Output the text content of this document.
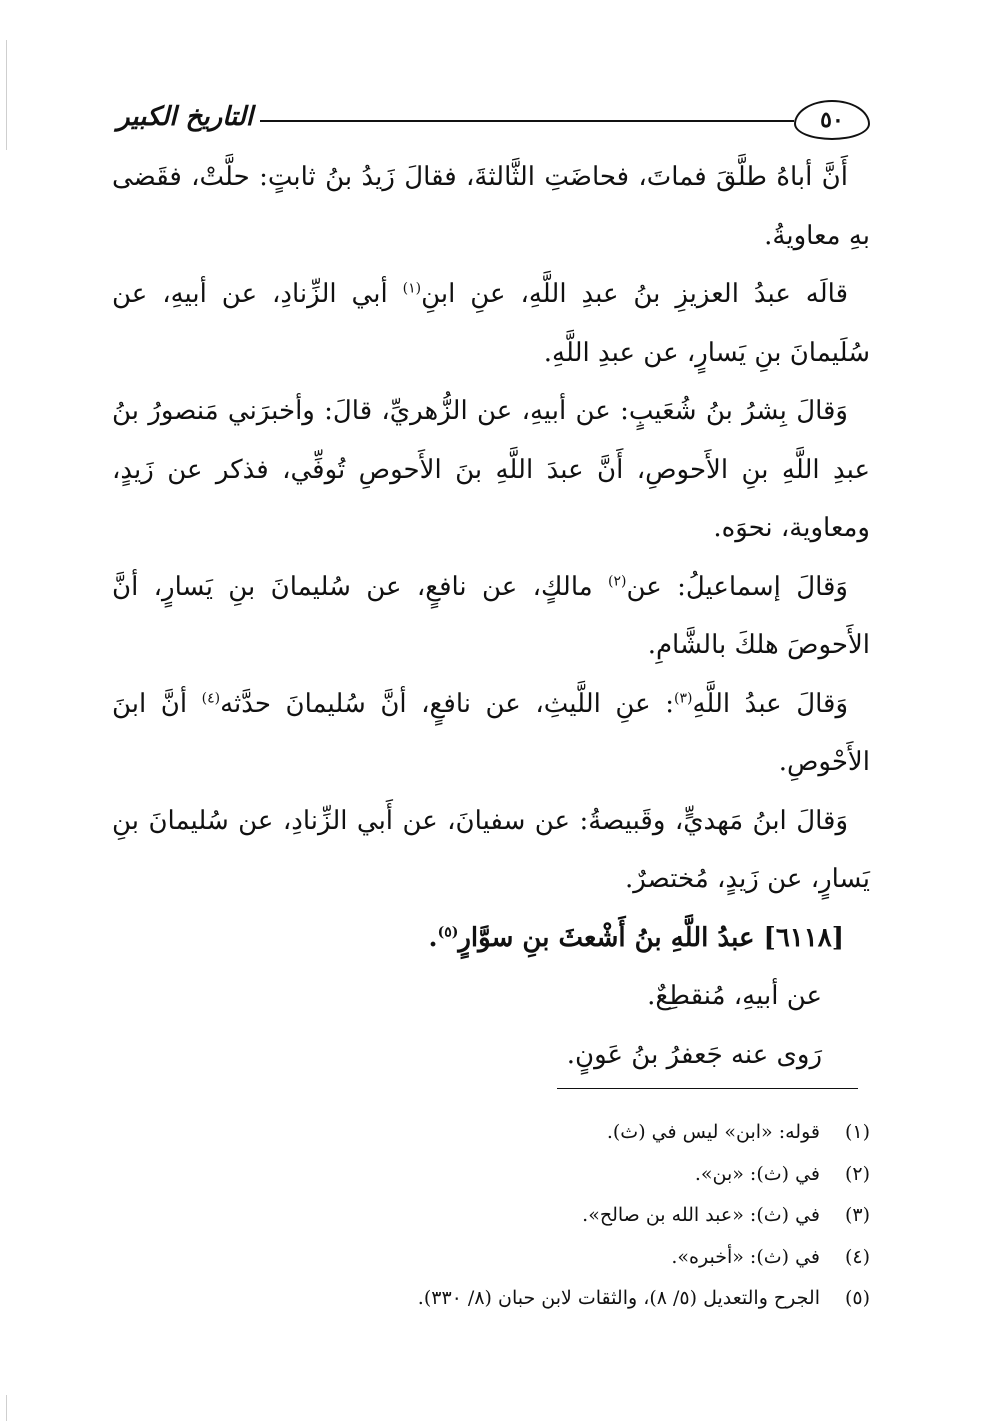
٥٠
التاريخ الكبير

أَنَّ أباهُ طلَّقَ فماتَ، فحاضَتِ الثَّالثةَ، فقالَ زَيدُ بنُ ثابتٍ: حلَّتْ، فقَضى بهِ معاويةُ.

قالَه عبدُ العزيزِ بنُ عبدِ اللَّهِ، عنِ ابنِ$^{(١)}$ أبي الزِّنادِ، عن أبيهِ، عن سُلَيمانَ بنِ يَسارٍ، عن عبدِ اللَّهِ.

وَقالَ بِشرُ بنُ شُعَيبٍ: عن أبيهِ، عن الزُّهريِّ، قالَ: وأخبرَني مَنصورُ بنُ عبدِ اللَّهِ بنِ الأَحوصِ، أَنَّ عبدَ اللَّهِ بنَ الأَحوصِ تُوفِّي، فذكر عن زَيدٍ، ومعاوية، نحوَه.

وَقالَ إسماعيلُ: عن$^{(٢)}$ مالكٍ، عن نافعٍ، عن سُليمانَ بنِ يَسارٍ، أنَّ الأَحوصَ هلكَ بالشَّامِ.

وَقالَ عبدُ اللَّهِ$^{(٣)}$: عنِ اللَّيثِ، عن نافعٍ، أنَّ سُليمانَ حدَّثه$^{(٤)}$ أنَّ ابنَ الأَحْوصِ.

وَقالَ ابنُ مَهديٍّ، وقَبيصةُ: عن سفيانَ، عن أَبي الزِّنادِ، عن سُليمانَ بنِ يَسارٍ، عن زَيدٍ، مُختصرٌ.

[٦١١٨] عبدُ اللَّهِ بنُ أَشْعثَ بنِ سوَّارٍ$^{(٥)}$.

عن أبيهِ، مُنقطِعٌ.

رَوى عنه جَعفرُ بنُ عَونٍ.

(١)
قوله: «ابن» ليس في (ث).
(٢)
في (ث): «بن».
(٣)
في (ث): «عبد الله بن صالح».
(٤)
في (ث): «أخبره».
(٥)
الجرح والتعديل (٥/ ٨)، والثقات لابن حبان (٨/ ٣٣٠).
